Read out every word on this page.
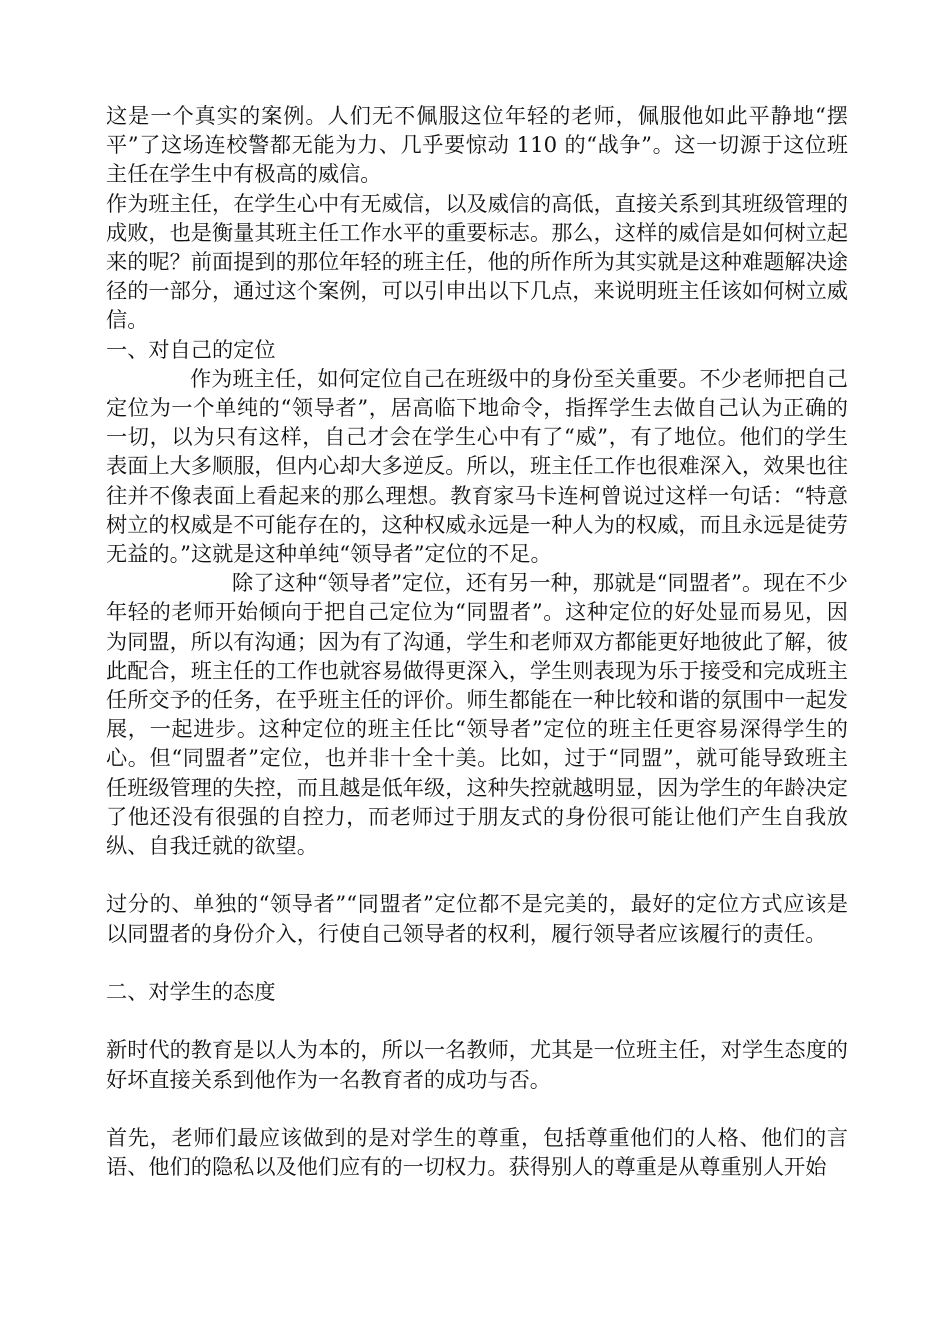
这是一个真实的案例。人们无不佩服这位年轻的老师，佩服他如此平静地“摆平”了这场连校警都无能为力、几乎要惊动 110 的“战争”。这一切源于这位班主任在学生中有极高的威信。

作为班主任，在学生心中有无威信，以及威信的高低，直接关系到其班级管理的成败，也是衡量其班主任工作水平的重要标志。那么，这样的威信是如何树立起来的呢？前面提到的那位年轻的班主任，他的所作所为其实就是这种难题解决途径的一部分，通过这个案例，可以引申出以下几点，来说明班主任该如何树立威信。

一、对自己的定位

作为班主任，如何定位自己在班级中的身份至关重要。不少老师把自己定位为一个单纯的“领导者”，居高临下地命令，指挥学生去做自己认为正确的一切，以为只有这样，自己才会在学生心中有了“威”，有了地位。他们的学生表面上大多顺服，但内心却大多逆反。所以，班主任工作也很难深入，效果也往往并不像表面上看起来的那么理想。教育家马卡连柯曾说过这样一句话：“特意树立的权威是不可能存在的，这种权威永远是一种人为的权威，而且永远是徒劳无益的。”这就是这种单纯“领导者”定位的不足。

除了这种“领导者”定位，还有另一种，那就是“同盟者”。现在不少年轻的老师开始倾向于把自己定位为“同盟者”。这种定位的好处显而易见，因为同盟，所以有沟通；因为有了沟通，学生和老师双方都能更好地彼此了解，彼此配合，班主任的工作也就容易做得更深入，学生则表现为乐于接受和完成班主任所交予的任务，在乎班主任的评价。师生都能在一种比较和谐的氛围中一起发展，一起进步。这种定位的班主任比“领导者”定位的班主任更容易深得学生的心。但“同盟者”定位，也并非十全十美。比如，过于“同盟”，就可能导致班主任班级管理的失控，而且越是低年级，这种失控就越明显，因为学生的年龄决定了他还没有很强的自控力，而老师过于朋友式的身份很可能让他们产生自我放纵、自我迁就的欲望。

过分的、单独的“领导者”“同盟者”定位都不是完美的，最好的定位方式应该是以同盟者的身份介入，行使自己领导者的权利，履行领导者应该履行的责任。

二、对学生的态度

新时代的教育是以人为本的，所以一名教师，尤其是一位班主任，对学生态度的好坏直接关系到他作为一名教育者的成功与否。

首先，老师们最应该做到的是对学生的尊重，包括尊重他们的人格、他们的言语、他们的隐私以及他们应有的一切权力。获得别人的尊重是从尊重别人开始
